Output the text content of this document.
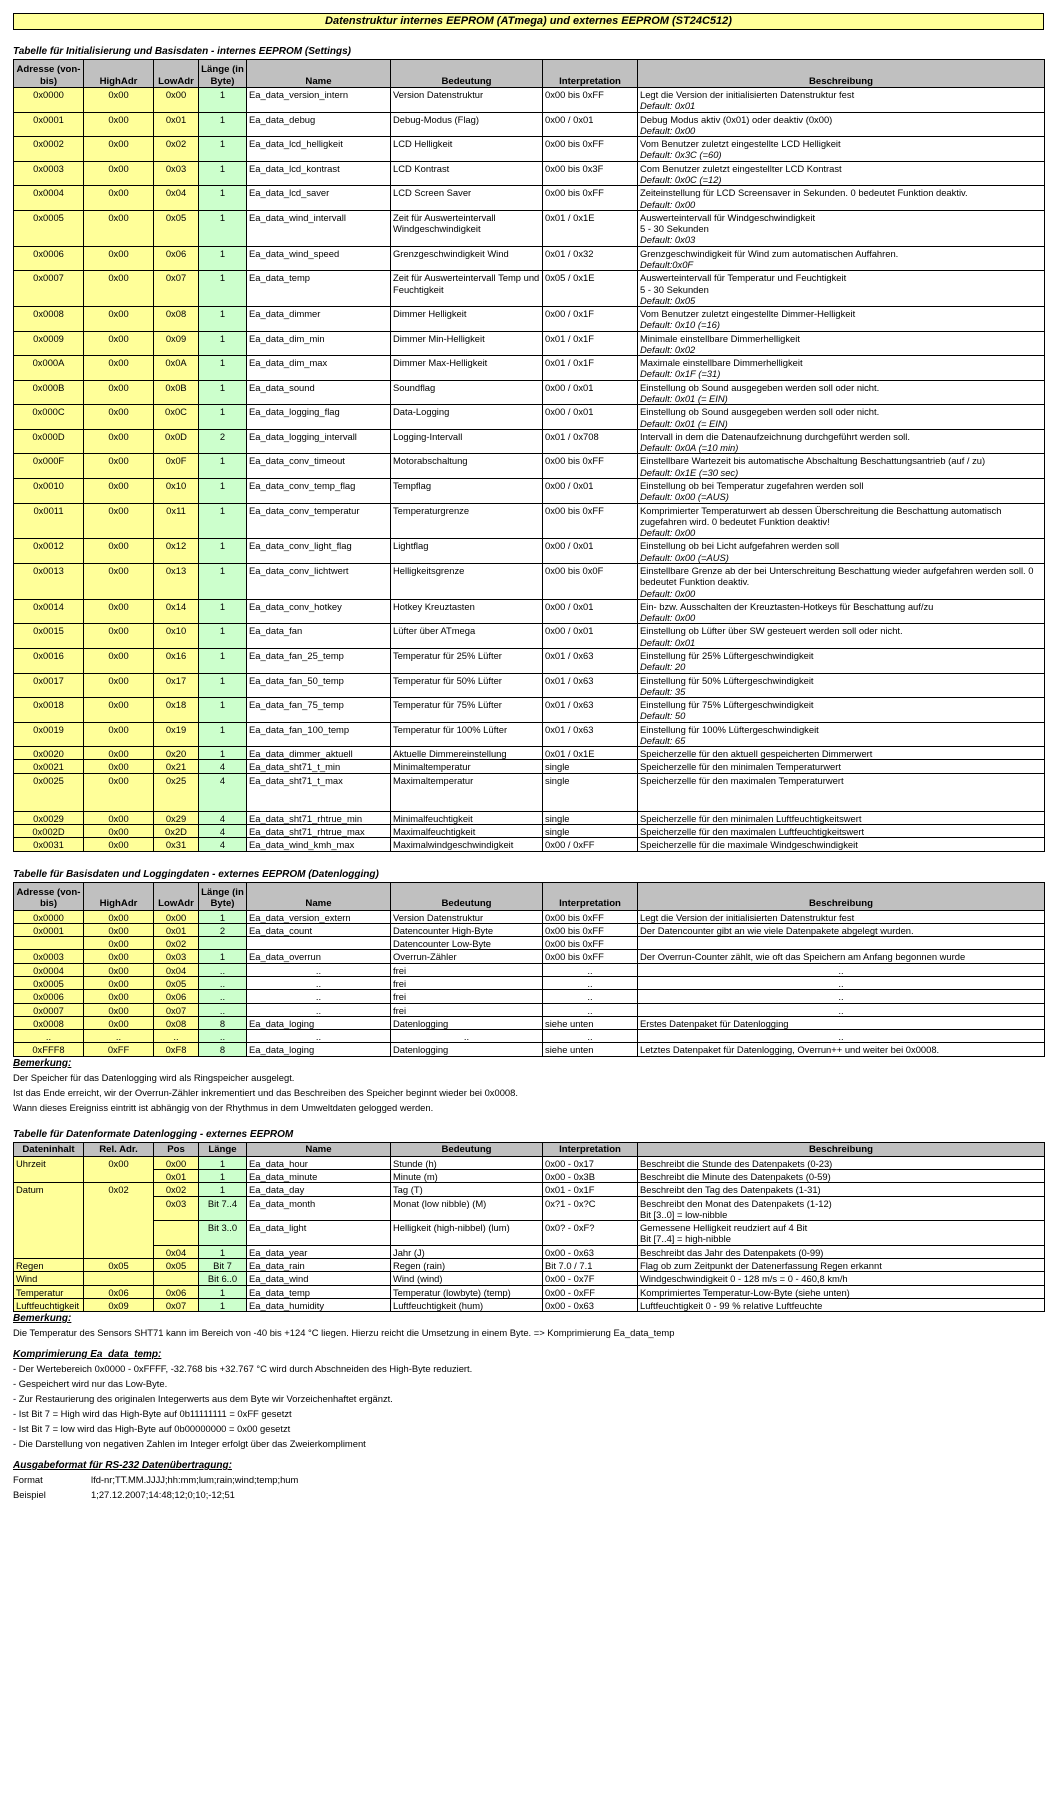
Datenstruktur internes EEPROM (ATmega) und externes EEPROM (ST24C512)
Tabelle für Initialisierung und Basisdaten - internes EEPROM (Settings)
Adresse (von-bis)	HighAdr	LowAdr	Länge (in Byte)	Name	Bedeutung	Interpretation	Beschreibung
0x0000	0x00	0x00	1	Ea_data_version_intern	Version Datenstruktur	0x00 bis 0xFF	Legt die Version der initialisierten Datenstruktur fest
Default: 0x01

0x0001	0x00	0x01	1	Ea_data_debug	Debug-Modus (Flag)	0x00 / 0x01	Debug Modus aktiv (0x01) oder deaktiv (0x00)
Default: 0x00

0x0002	0x00	0x02	1	Ea_data_lcd_helligkeit	LCD Helligkeit	0x00 bis 0xFF	Vom Benutzer zuletzt eingestellte LCD Helligkeit
Default: 0x3C (=60)

0x0003	0x00	0x03	1	Ea_data_lcd_kontrast	LCD Kontrast	0x00 bis 0x3F	Com Benutzer zuletzt eingestellter LCD Kontrast
Default: 0x0C (=12)

0x0004	0x00	0x04	1	Ea_data_lcd_saver	LCD Screen Saver	0x00 bis 0xFF	Zeiteinstellung für LCD Screensaver in Sekunden. 0 bedeutet Funktion deaktiv.
Default: 0x00

0x0005	0x00	0x05	1	Ea_data_wind_intervall	Zeit für Auswerteintervall Windgeschwindigkeit	0x01 / 0x1E	Auswerteintervall für Windgeschwindigkeit
5 - 30 Sekunden
Default: 0x03

0x0006	0x00	0x06	1	Ea_data_wind_speed	Grenzgeschwindigkeit Wind	0x01 / 0x32	Grenzgeschwindigkeit für Wind zum automatischen Auffahren.
Default:0x0F

0x0007	0x00	0x07	1	Ea_data_temp	Zeit für Auswerteintervall Temp und Feuchtigkeit	0x05 / 0x1E	Auswerteintervall für Temperatur und Feuchtigkeit
5 - 30 Sekunden
Default: 0x05

0x0008	0x00	0x08	1	Ea_data_dimmer	Dimmer Helligkeit	0x00 / 0x1F	Vom Benutzer zuletzt eingestellte Dimmer-Helligkeit
Default: 0x10 (=16)

0x0009	0x00	0x09	1	Ea_data_dim_min	Dimmer Min-Helligkeit	0x01 / 0x1F	Minimale einstellbare Dimmerhelligkeit
Default: 0x02

0x000A	0x00	0x0A	1	Ea_data_dim_max	Dimmer Max-Helligkeit	0x01 / 0x1F	Maximale einstellbare Dimmerhelligkeit
Default: 0x1F (=31)

0x000B	0x00	0x0B	1	Ea_data_sound	Soundflag	0x00 / 0x01	Einstellung ob Sound ausgegeben werden soll oder nicht.
Default: 0x01 (= EIN)

0x000C	0x00	0x0C	1	Ea_data_logging_flag	Data-Logging	0x00 / 0x01	Einstellung ob Sound ausgegeben werden soll oder nicht.
Default: 0x01 (= EIN)

0x000D	0x00	0x0D	2	Ea_data_logging_intervall	Logging-Intervall	0x01 / 0x708	Intervall in dem die Datenaufzeichnung durchgeführt werden soll.
Default: 0x0A (=10 min)

0x000F	0x00	0x0F	1	Ea_data_conv_timeout	Motorabschaltung	0x00 bis 0xFF	Einstellbare Wartezeit bis automatische Abschaltung Beschattungsantrieb (auf / zu)
Default: 0x1E (=30 sec)

0x0010	0x00	0x10	1	Ea_data_conv_temp_flag	Tempflag	0x00 / 0x01	Einstellung ob bei Temperatur zugefahren werden soll
Default: 0x00 (=AUS)

0x0011	0x00	0x11	1	Ea_data_conv_temperatur	Temperaturgrenze	0x00 bis 0xFF	Komprimierter Temperaturwert ab dessen Überschreitung die Beschattung automatisch zugefahren wird. 0 bedeutet Funktion deaktiv!
Default: 0x00

0x0012	0x00	0x12	1	Ea_data_conv_light_flag	Lightflag	0x00 / 0x01	Einstellung ob bei Licht aufgefahren werden soll
Default: 0x00 (=AUS)

0x0013	0x00	0x13	1	Ea_data_conv_lichtwert	Helligkeitsgrenze	0x00 bis 0x0F	Einstellbare Grenze ab der bei Unterschreitung Beschattung wieder aufgefahren werden soll. 0 bedeutet Funktion deaktiv.
Default: 0x00

0x0014	0x00	0x14	1	Ea_data_conv_hotkey	Hotkey Kreuztasten	0x00 / 0x01	Ein- bzw. Ausschalten der Kreuztasten-Hotkeys für Beschattung auf/zu
Default: 0x00

0x0015	0x00	0x10	1	Ea_data_fan	Lüfter über ATmega	0x00 / 0x01	Einstellung ob Lüfter über SW gesteuert werden soll oder nicht.
Default: 0x01

0x0016	0x00	0x16	1	Ea_data_fan_25_temp	Temperatur für 25% Lüfter	0x01 / 0x63	Einstellung für 25% Lüftergeschwindigkeit
Default: 20

0x0017	0x00	0x17	1	Ea_data_fan_50_temp	Temperatur für 50% Lüfter	0x01 / 0x63	Einstellung für 50% Lüftergeschwindigkeit
Default: 35

0x0018	0x00	0x18	1	Ea_data_fan_75_temp	Temperatur für 75% Lüfter	0x01 / 0x63	Einstellung für 75% Lüftergeschwindigkeit
Default: 50

0x0019	0x00	0x19	1	Ea_data_fan_100_temp	Temperatur für 100% Lüfter	0x01 / 0x63	Einstellung für 100% Lüftergeschwindigkeit
Default: 65

0x0020	0x00	0x20	1	Ea_data_dimmer_aktuell	Aktuelle Dimmereinstellung	0x01 / 0x1E	Speicherzelle für den aktuell gespeicherten Dimmerwert
0x0021	0x00	0x21	4	Ea_data_sht71_t_min	Minimaltemperatur	single	Speicherzelle für den minimalen Temperaturwert
0x0025	0x00	0x25	4	Ea_data_sht71_t_max	Maximaltemperatur	single	Speicherzelle für den maximalen Temperaturwert
0x0029	0x00	0x29	4	Ea_data_sht71_rhtrue_min	Minimalfeuchtigkeit	single	Speicherzelle für den minimalen Luftfeuchtigkeitswert
0x002D	0x00	0x2D	4	Ea_data_sht71_rhtrue_max	Maximalfeuchtigkeit	single	Speicherzelle für den maximalen Luftfeuchtigkeitswert
0x0031	0x00	0x31	4	Ea_data_wind_kmh_max	Maximalwindgeschwindigkeit	0x00 / 0xFF	Speicherzelle für die maximale Windgeschwindigkeit
Tabelle für Basisdaten und Loggingdaten - externes EEPROM (Datenlogging)
Adresse (von-bis)	HighAdr	LowAdr	Länge (in Byte)	Name	Bedeutung	Interpretation	Beschreibung
0x0000	0x00	0x00	1	Ea_data_version_extern	Version Datenstruktur	0x00 bis 0xFF	Legt die Version der initialisierten Datenstruktur fest
0x0001	0x00	0x01	2	Ea_data_count	Datencounter High-Byte	0x00 bis 0xFF	Der Datencounter gibt an wie viele Datenpakete abgelegt wurden.
	0x00	0x02			Datencounter Low-Byte	0x00 bis 0xFF	
0x0003	0x00	0x03	1	Ea_data_overrun	Overrun-Zähler	0x00 bis 0xFF	Der Overrun-Counter zählt, wie oft das Speichern am Anfang begonnen wurde
0x0004	0x00	0x04	..	..	frei	..	..
0x0005	0x00	0x05	..	..	frei	..	..
0x0006	0x00	0x06	..	..	frei	..	..
0x0007	0x00	0x07	..	..	frei	..	..
0x0008	0x00	0x08	8	Ea_data_loging	Datenlogging	siehe unten	Erstes Datenpaket für Datenlogging
..	..	..	..	..	..	..	..
0xFFF8	0xFF	0xF8	8	Ea_data_loging	Datenlogging	siehe unten	Letztes Datenpaket für Datenlogging, Overrun++ und weiter bei 0x0008.
Bemerkung:
Der Speicher für das Datenlogging wird als Ringspeicher ausgelegt.
Ist das Ende erreicht, wir der Overrun-Zähler inkrementiert und das Beschreiben des Speicher beginnt wieder bei 0x0008.
Wann dieses Ereigniss eintritt ist abhängig von der Rhythmus in dem Umweltdaten gelogged werden.
Tabelle für Datenformate Datenlogging - externes EEPROM
Dateninhalt	Rel. Adr.	Pos	Länge	Name	Bedeutung	Interpretation	Beschreibung
Uhrzeit	0x00	0x00	1	Ea_data_hour	Stunde (h)	0x00 - 0x17	Beschreibt die Stunde des Datenpakets (0-23)
		0x01	1	Ea_data_minute	Minute (m)	0x00 - 0x3B	Beschreibt die Minute des Datenpakets (0-59)
Datum	0x02	0x02	1	Ea_data_day	Tag (T)	0x01 - 0x1F	Beschreibt den Tag des Datenpakets (1-31)
		0x03	Bit 7..4	Ea_data_month	Monat (low nibble) (M)	0x?1 - 0x?C	Beschreibt den Monat des Datenpakets (1-12)
Bit [3..0] = low-nibble
			Bit 3..0	Ea_data_light	Helligkeit (high-nibbel) (lum)	0x0? - 0xF?	Gemessene Helligkeit reudziert auf 4 Bit
Bit [7..4] = high-nibble
		0x04	1	Ea_data_year	Jahr (J)	0x00 - 0x63	Beschreibt das Jahr des Datenpakets (0-99)
Regen	0x05	0x05	Bit 7	Ea_data_rain	Regen (rain)	Bit 7.0 / 7.1	Flag ob zum Zeitpunkt der Datenerfassung Regen erkannt
Wind			Bit 6..0	Ea_data_wind	Wind (wind)	0x00 - 0x7F	Windgeschwindigkeit 0 - 128 m/s = 0 - 460,8 km/h
Temperatur	0x06	0x06	1	Ea_data_temp	Temperatur (lowbyte) (temp)	0x00 - 0xFF	Komprimiertes Temperatur-Low-Byte (siehe unten)
Luftfeuchtigkeit	0x09	0x07	1	Ea_data_humidity	Luftfeuchtigkeit (hum)	0x00 - 0x63	Luftfeuchtigkeit 0 - 99 % relative Luftfeuchte
Bemerkung:
Die Temperatur des Sensors SHT71 kann im Bereich von -40 bis +124 °C liegen. Hierzu reicht die Umsetzung in einem Byte. => Komprimierung Ea_data_temp
Komprimierung Ea_data_temp:
- Der Wertebereich 0x0000 - 0xFFFF, -32.768 bis +32.767 °C wird durch Abschneiden des High-Byte reduziert.
- Gespeichert wird nur das Low-Byte.
- Zur Restaurierung des originalen Integerwerts aus dem Byte wir Vorzeichenhaftet ergänzt.
- Ist Bit 7 = High wird das High-Byte auf 0b11111111 = 0xFF gesetzt
- Ist Bit 7 = low wird das High-Byte auf 0b00000000 = 0x00 gesetzt
- Die Darstellung von negativen Zahlen im Integer erfolgt über das Zweierkompliment
Ausgabeformat für RS-232 Datenübertragung:
Format	lfd-nr;TT.MM.JJJJ;hh:mm;lum;rain;wind;temp;hum
Beispiel	1;27.12.2007;14:48;12;0;10;-12;51
